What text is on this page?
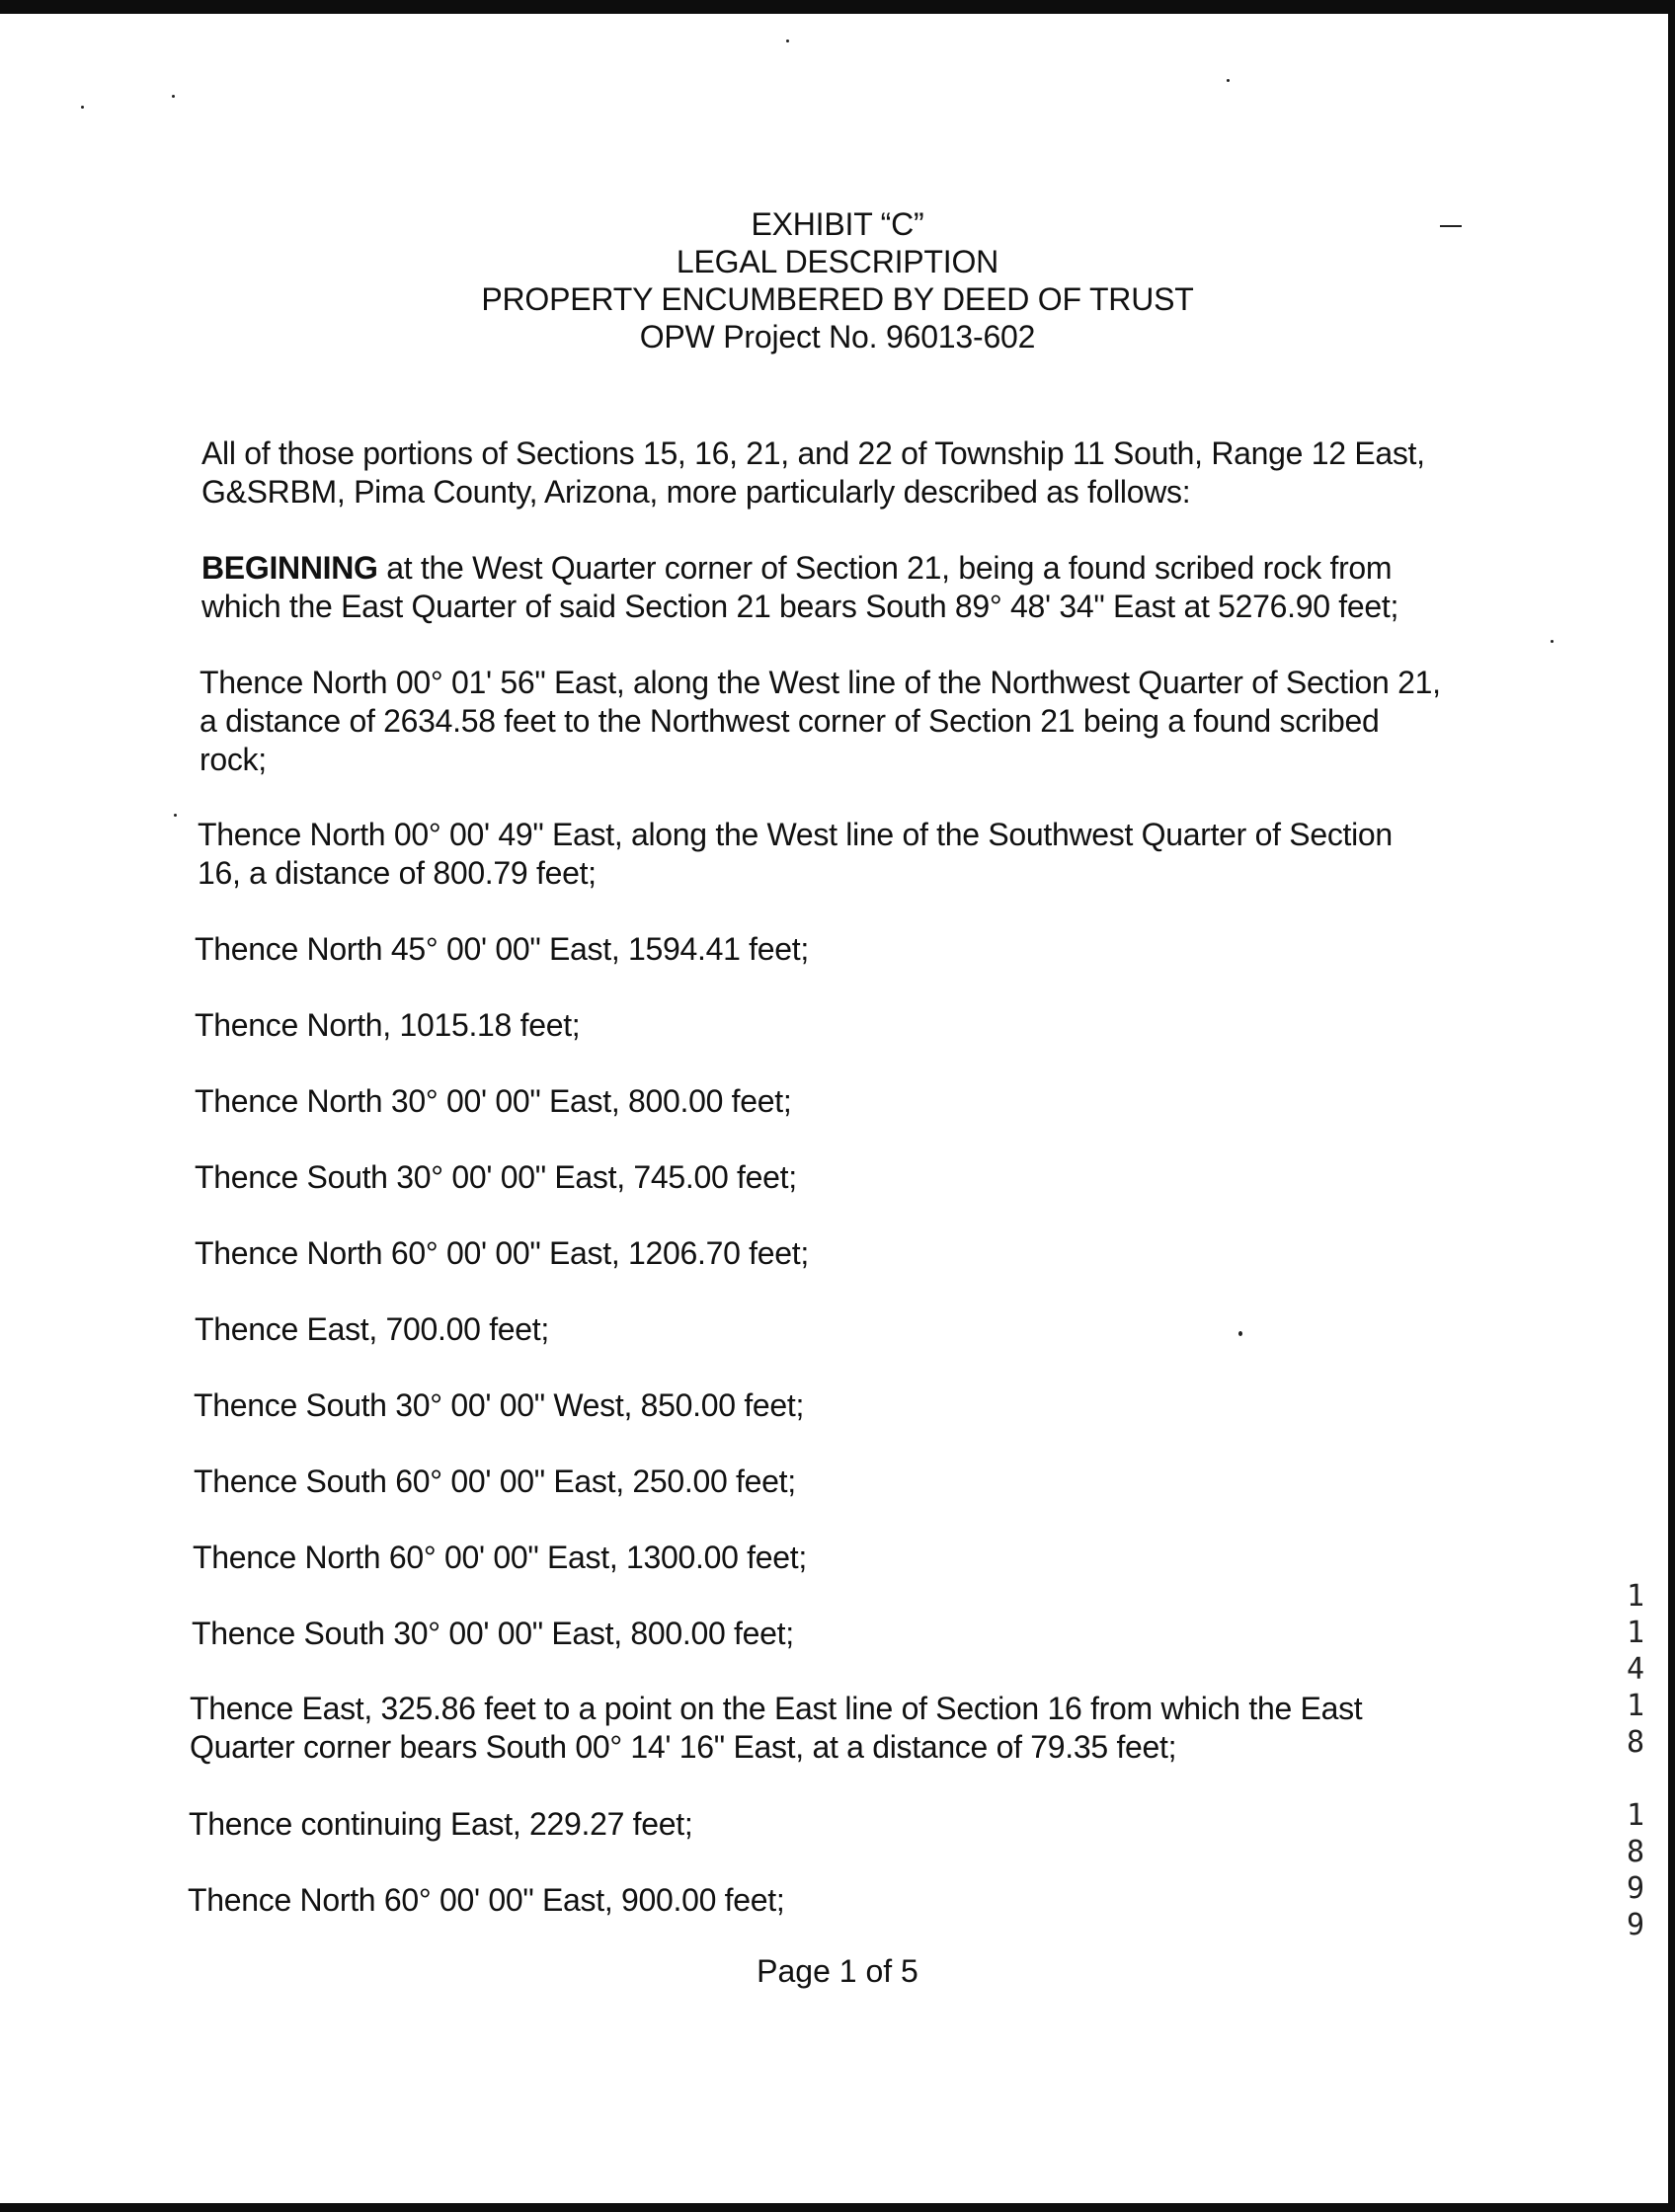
EXHIBIT “C”
LEGAL DESCRIPTION
PROPERTY ENCUMBERED BY DEED OF TRUST
OPW Project No. 96013-602

All of those portions of Sections 15, 16, 21, and 22 of Township 11 South, Range 12 East,
G&SRBM, Pima County, Arizona, more particularly described as follows:

BEGINNING at the West Quarter corner of Section 21, being a found scribed rock from
which the East Quarter of said Section 21 bears South 89° 48' 34" East at 5276.90 feet;

Thence North 00° 01' 56" East, along the West line of the Northwest Quarter of Section 21,
a distance of 2634.58 feet to the Northwest corner of Section 21 being a found scribed
rock;

Thence North 00° 00' 49" East, along the West line of the Southwest Quarter of Section
16, a distance of 800.79 feet;

Thence North 45° 00' 00" East, 1594.41 feet;

Thence North, 1015.18 feet;

Thence North 30° 00' 00" East, 800.00 feet;

Thence South 30° 00' 00" East, 745.00 feet;

Thence North 60° 00' 00" East, 1206.70 feet;

Thence East, 700.00 feet;

Thence South 30° 00' 00" West, 850.00 feet;

Thence South 60° 00' 00" East, 250.00 feet;

Thence North 60° 00' 00" East, 1300.00 feet;

Thence South 30° 00' 00" East, 800.00 feet;

Thence East, 325.86 feet to a point on the East line of Section 16 from which the East
Quarter corner bears South 00° 14' 16" East, at a distance of 79.35 feet;

Thence continuing East, 229.27 feet;

Thence North 60° 00' 00" East, 900.00 feet;

Page 1 of 5
1
1
4
1
8
1
8
9
9
